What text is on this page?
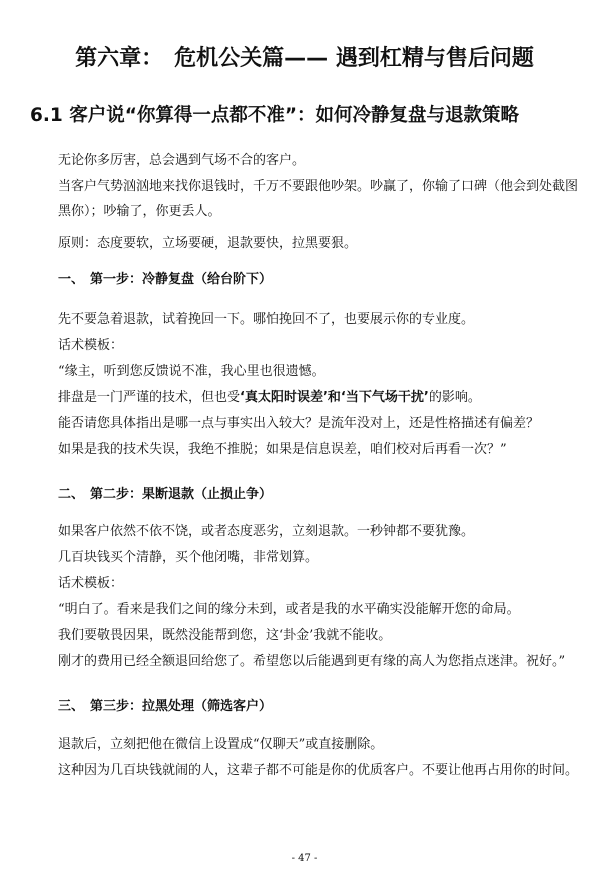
第六章：　危机公关篇—— 遇到杠精与售后问题
6.1 客户说“你算得一点都不准”：如何冷静复盘与退款策略
无论你多厉害，总会遇到气场不合的客户。
当客户气势汹汹地来找你退钱时，千万不要跟他吵架。吵赢了，你输了口碑（他会到处截图黑你）；吵输了，你更丢人。
原则：态度要软，立场要硬，退款要快，拉黑要狠。
一、 第一步：冷静复盘（给台阶下）
先不要急着退款，试着挽回一下。哪怕挽回不了，也要展示你的专业度。
话术模板：
“缘主，听到您反馈说不准，我心里也很遗憾。
排盘是一门严谨的技术，但也受‘真太阳时误差’和‘当下气场干扰’的影响。
能否请您具体指出是哪一点与事实出入较大？是流年没对上，还是性格描述有偏差？
如果是我的技术失误，我绝不推脱；如果是信息误差，咱们校对后再看一次？”
二、 第二步：果断退款（止损止争）
如果客户依然不依不饶，或者态度恶劣，立刻退款。一秒钟都不要犹豫。
几百块钱买个清静，买个他闭嘴，非常划算。
话术模板：
“明白了。看来是我们之间的缘分未到，或者是我的水平确实没能解开您的命局。
我们要敬畏因果，既然没能帮到您，这‘卦金’我就不能收。
刚才的费用已经全额退回给您了。希望您以后能遇到更有缘的高人为您指点迷津。祝好。”
三、 第三步：拉黑处理（筛选客户）
退款后，立刻把他在微信上设置成“仅聊天”或直接删除。
这种因为几百块钱就闹的人，这辈子都不可能是你的优质客户。不要让他再占用你的时间。
- 47 -
